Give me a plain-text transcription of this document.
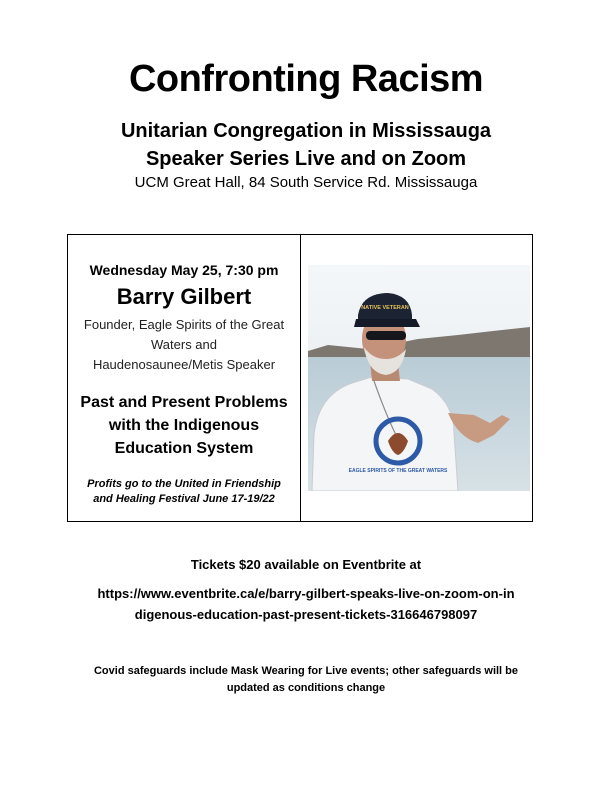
Confronting Racism
Unitarian Congregation in Mississauga
Speaker Series Live and on Zoom
UCM Great Hall, 84 South Service Rd. Mississauga
Wednesday May 25, 7:30 pm
Barry Gilbert
Founder, Eagle Spirits of the Great
Waters and
Haudenosaunee/Metis Speaker
Past and Present Problems
with the Indigenous
Education System
Profits go to the United in Friendship
and Healing Festival June 17-19/22
NATIVE VETERAN
EAGLE SPIRITS OF THE GREAT WATERS
Tickets $20 available on Eventbrite at
https://www.eventbrite.ca/e/barry-gilbert-speaks-live-on-zoom-on-in
digenous-education-past-present-tickets-316646798097
Covid safeguards include Mask Wearing for Live events; other safeguards will be
updated as conditions change
